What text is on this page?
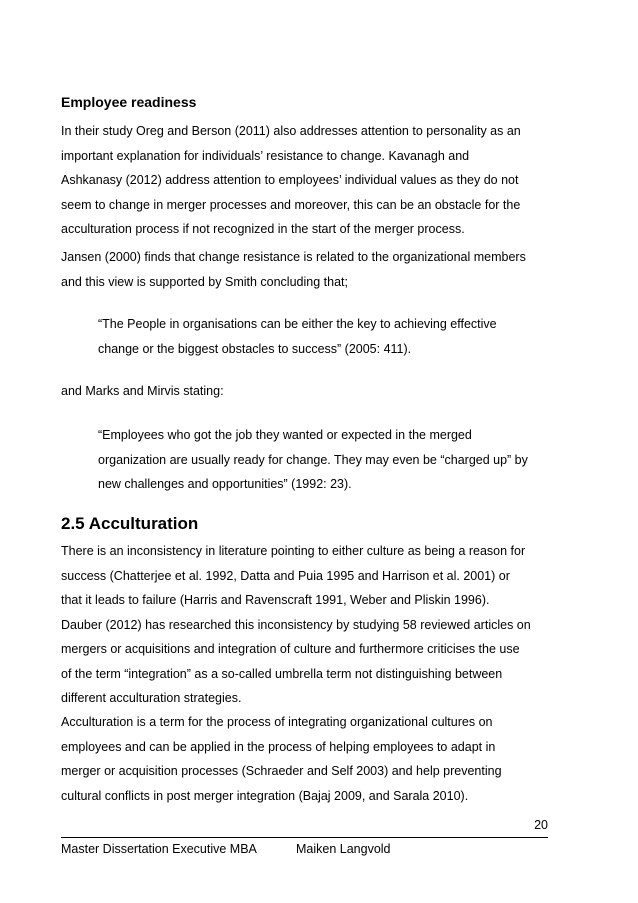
Employee readiness
In their study Oreg and Berson (2011) also addresses attention to personality as an
important explanation for individuals’ resistance to change. Kavanagh and
Ashkanasy (2012) address attention to employees’ individual values as they do not
seem to change in merger processes and moreover, this can be an obstacle for the
acculturation process if not recognized in the start of the merger process.
Jansen (2000) finds that change resistance is related to the organizational members
and this view is supported by Smith concluding that;
“The People in organisations can be either the key to achieving effective
change or the biggest obstacles to success” (2005: 411).
and Marks and Mirvis stating:
“Employees who got the job they wanted or expected in the merged
organization are usually ready for change. They may even be “charged up” by
new challenges and opportunities” (1992: 23).
2.5 Acculturation
There is an inconsistency in literature pointing to either culture as being a reason for
success (Chatterjee et al. 1992, Datta and Puia 1995 and Harrison et al. 2001) or
that it leads to failure (Harris and Ravenscraft 1991, Weber and Pliskin 1996).
Dauber (2012) has researched this inconsistency by studying 58 reviewed articles on
mergers or acquisitions and integration of culture and furthermore criticises the use
of the term “integration” as a so-called umbrella term not distinguishing between
different acculturation strategies.
Acculturation is a term for the process of integrating organizational cultures on
employees and can be applied in the process of helping employees to adapt in
merger or acquisition processes (Schraeder and Self 2003) and help preventing
cultural conflicts in post merger integration (Bajaj 2009, and Sarala 2010).
20
Master Dissertation Executive MBA	Maiken Langvold
